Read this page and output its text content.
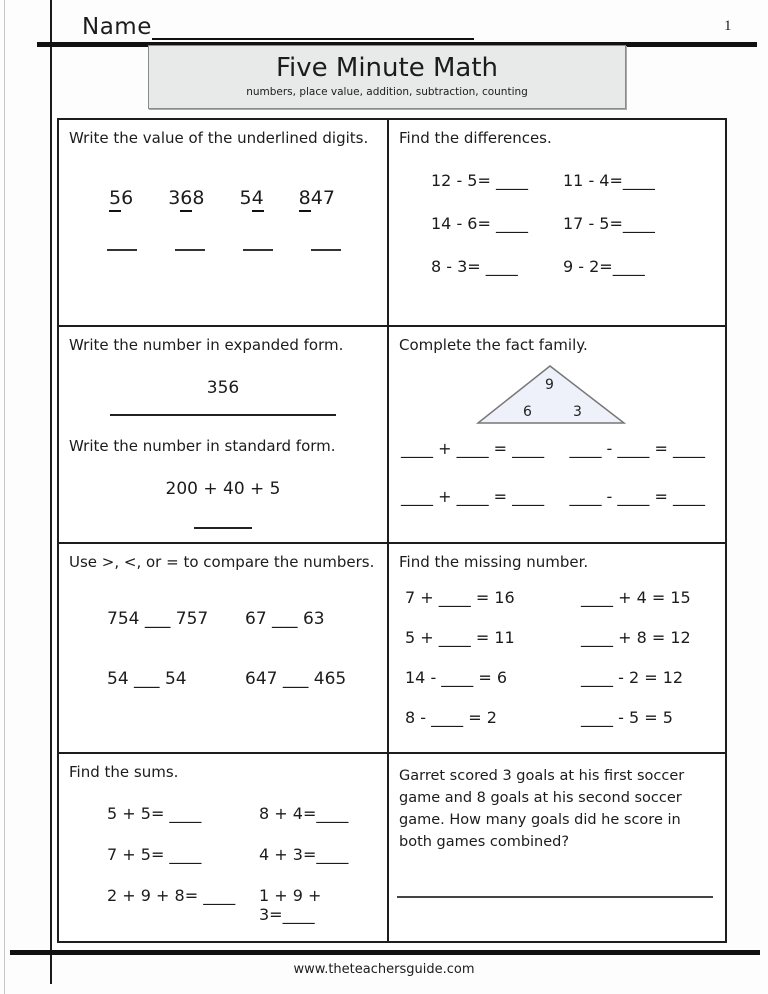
Name	1
Five Minute Math
numbers, place value, addition, subtraction, counting
Write the value of the underlined digits.
56 368 54 847
Find the differences.
12 - 5= ____	11 - 4=____
14 - 6= ____	17 - 5=____
8 - 3= ____	9 - 2=____
Write the number in expanded form.
356
Write the number in standard form.
200 + 40 + 5
Complete the fact family.
9
6	3
____ + ____ = ____ ____ - ____ = ____
____ + ____ = ____ ____ - ____ = ____
Use >, <, or = to compare the numbers.
754 ___ 757	67 ___ 63
54 ___ 54	647 ___ 465
Find the missing number.
7 + ____ = 16	____ + 4 = 15
5 + ____ = 11	____ + 8 = 12
14 - ____ = 6	____ - 2 = 12
8 - ____ = 2	____ - 5 = 5
Find the sums.
5 + 5= ____	8 + 4=____
7 + 5= ____	4 + 3=____
2 + 9 + 8= ____	1 + 9 + 3=____
Garret scored 3 goals at his first soccer game and 8 goals at his second soccer game. How many goals did he score in both games combined?
www.theteachersguide.com
